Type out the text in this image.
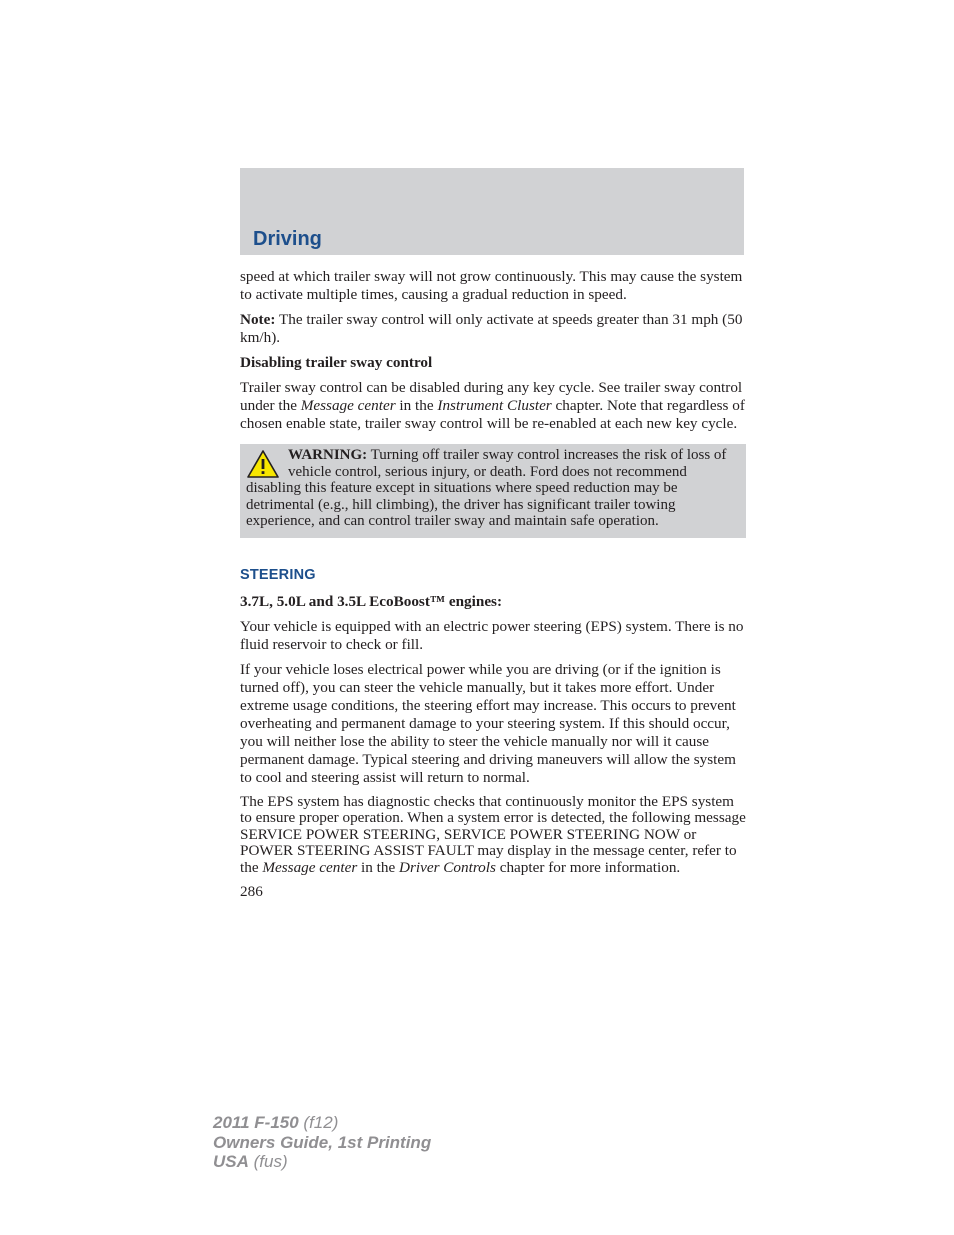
Driving

speed at which trailer sway will not grow continuously. This may cause the system to activate multiple times, causing a gradual reduction in speed.

Note: The trailer sway control will only activate at speeds greater than 31 mph (50 km/h).

Disabling trailer sway control

Trailer sway control can be disabled during any key cycle. See trailer sway control under the Message center in the Instrument Cluster chapter. Note that regardless of chosen enable state, trailer sway control will be re-enabled at each new key cycle.

WARNING: Turning off trailer sway control increases the risk of loss of vehicle control, serious injury, or death. Ford does not recommend disabling this feature except in situations where speed reduction may be detrimental (e.g., hill climbing), the driver has significant trailer towing experience, and can control trailer sway and maintain safe operation.
STEERING

3.7L, 5.0L and 3.5L EcoBoost™ engines:

Your vehicle is equipped with an electric power steering (EPS) system. There is no fluid reservoir to check or fill.

If your vehicle loses electrical power while you are driving (or if the ignition is turned off), you can steer the vehicle manually, but it takes more effort. Under extreme usage conditions, the steering effort may increase. This occurs to prevent overheating and permanent damage to your steering system. If this should occur, you will neither lose the ability to steer the vehicle manually nor will it cause permanent damage. Typical steering and driving maneuvers will allow the system to cool and steering assist will return to normal.

The EPS system has diagnostic checks that continuously monitor the EPS system to ensure proper operation. When a system error is detected, the following message SERVICE POWER STEERING, SERVICE POWER STEERING NOW or POWER STEERING ASSIST FAULT may display in the message center, refer to the Message center in the Driver Controls chapter for more information.

286
2011 F-150 (f12)
Owners Guide, 1st Printing
USA (fus)
